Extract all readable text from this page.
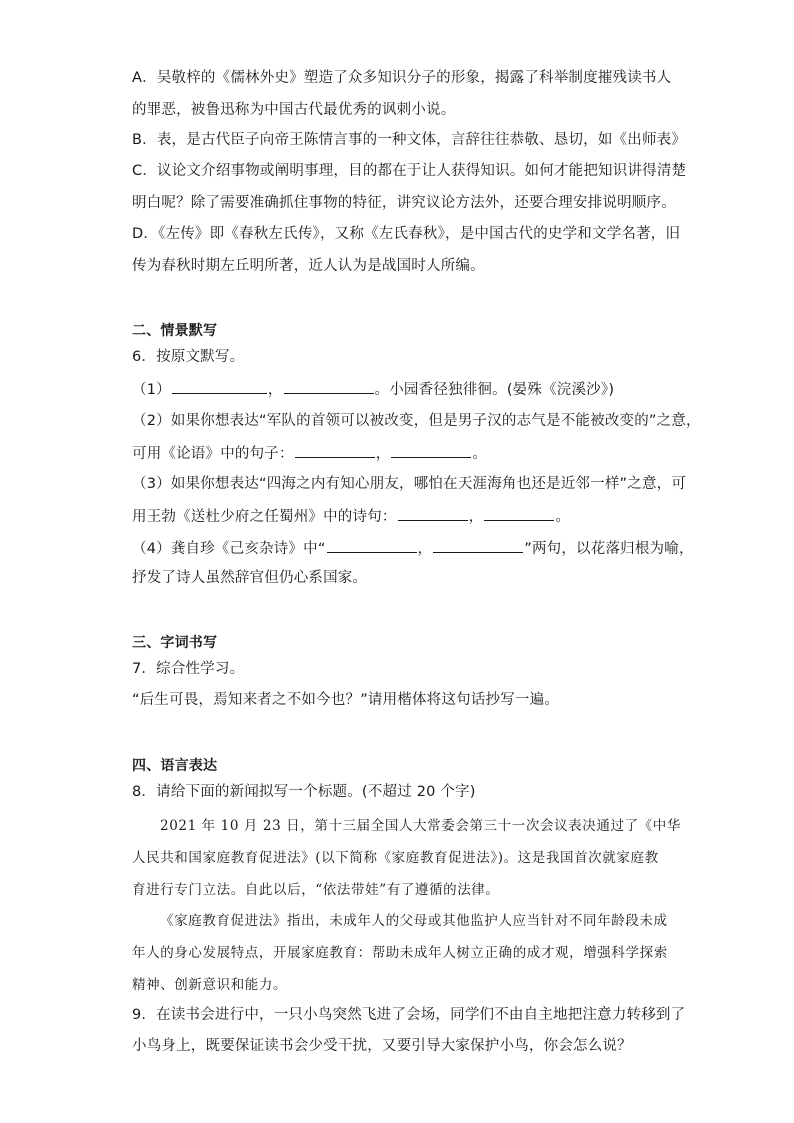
A．吴敬梓的《儒林外史》塑造了众多知识分子的形象，揭露了科举制度摧残读书人
的罪恶，被鲁迅称为中国古代最优秀的讽刺小说。
B．表，是古代臣子向帝王陈情言事的一种文体，言辞往往恭敬、恳切，如《出师表》
C．议论文介绍事物或阐明事理，目的都在于让人获得知识。如何才能把知识讲得清楚
明白呢？除了需要准确抓住事物的特征，讲究议论方法外，还要合理安排说明顺序。
D．《左传》即《春秋左氏传》，又称《左氏春秋》，是中国古代的史学和文学名著，旧
传为春秋时期左丘明所著，近人认为是战国时人所编。
二、情景默写
6．按原文默写。
（1）	，	。小园香径独徘徊。(晏殊《浣溪沙》)
（2）如果你想表达“军队的首领可以被改变，但是男子汉的志气是不能被改变的”之意，
可用《论语》中的句子：	，	。
（3）如果你想表达“四海之内有知心朋友，哪怕在天涯海角也还是近邻一样”之意，可
用王勃《送杜少府之任蜀州》中的诗句：	，	。
（4）龚自珍《己亥杂诗》中“	，	”两句，以花落归根为喻，
抒发了诗人虽然辞官但仍心系国家。
三、字词书写
7．综合性学习。
“后生可畏，焉知来者之不如今也？”请用楷体将这句话抄写一遍。
四、语言表达
8．请给下面的新闻拟写一个标题。(不超过 20 个字)
2021 年 10 月 23 日，第十三届全国人大常委会第三十一次会议表决通过了《中华
人民共和国家庭教育促进法》(以下简称《家庭教育促进法》)。这是我国首次就家庭教
育进行专门立法。自此以后，“依法带娃”有了遵循的法律。
《家庭教育促进法》指出，未成年人的父母或其他监护人应当针对不同年龄段未成
年人的身心发展特点，开展家庭教育：帮助未成年人树立正确的成才观，增强科学探索
精神、创新意识和能力。
9．在读书会进行中，一只小鸟突然飞进了会场，同学们不由自主地把注意力转移到了
小鸟身上，既要保证读书会少受干扰，又要引导大家保护小鸟，你会怎么说？
